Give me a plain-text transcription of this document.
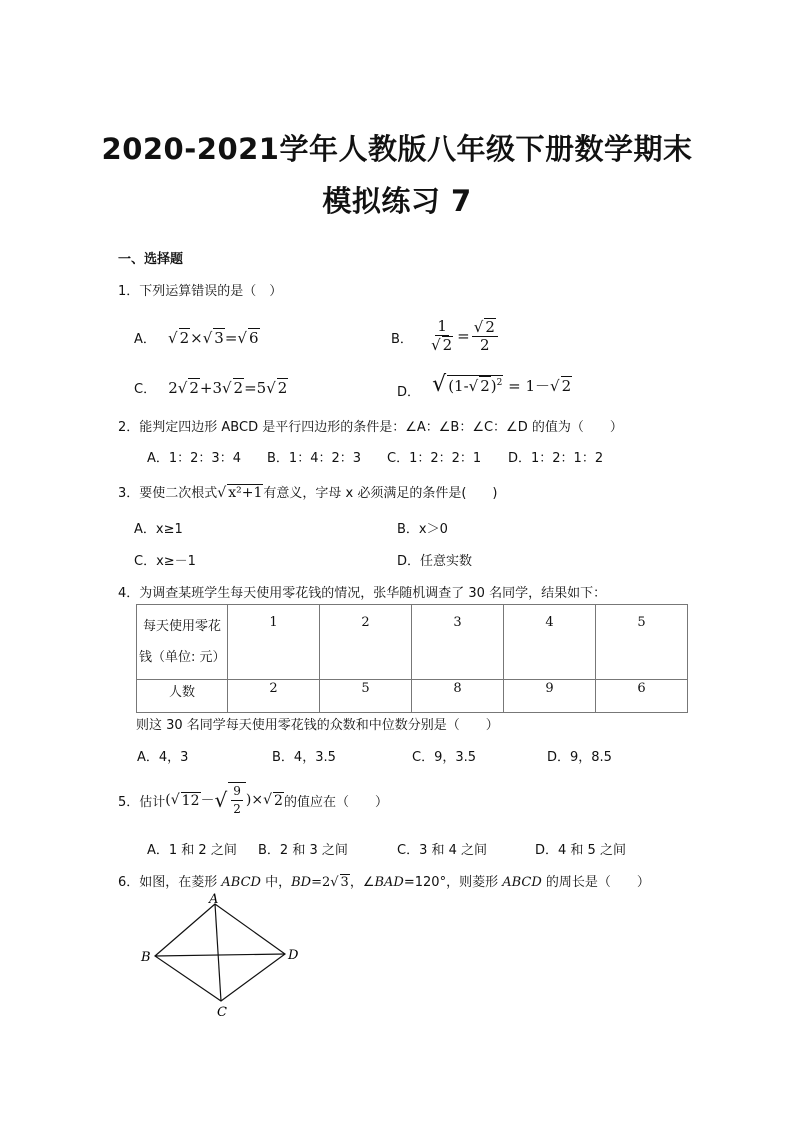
2020-2021学年人教版八年级下册数学期末
模拟练习 7
一、选择题
1．下列运算错误的是（　）
A． √ 2×√ 3=√ 6	B． $\frac{1}{√ 2} = \frac{√ 2}{2}$
C． 2√ 2+3√ 2=5√ 2	D． √ (1-√ 2)$^2$ = 1－√ 2
2．能判定四边形 ABCD 是平行四边形的条件是：∠A：∠B：∠C：∠D 的值为（　　）
A．1：2：3：4 B．1：4：2：3 C．1：2：2：1 D．1：2：1：2
3．要使二次根式√ x²+1有意义，字母 x 必须满足的条件是(　　)
A．x≥1	B．x＞0
C．x≥－1	D．任意实数
4．为调查某班学生每天使用零花钱的情况，张华随机调查了 30 名同学，结果如下：
每天使用零花钱（单位: 元）	1	2	3	4	5
人数	2	5	8	9	6
则这 30 名同学每天使用零花钱的众数和中位数分别是（　　）
A．4，3	B．4，3.5	C．9，3.5	D．9，8.5
5．估计 (√ 12 － √ $\frac{9}{2}$ )×√ 2 的值应在（　　）
A．1 和 2 之间 B．2 和 3 之间	C．3 和 4 之间	D．4 和 5 之间
6．如图，在菱形 ABCD 中，BD=2√ 3，∠BAD=120°，则菱形 ABCD 的周长是（　　）
A
B	D
C
